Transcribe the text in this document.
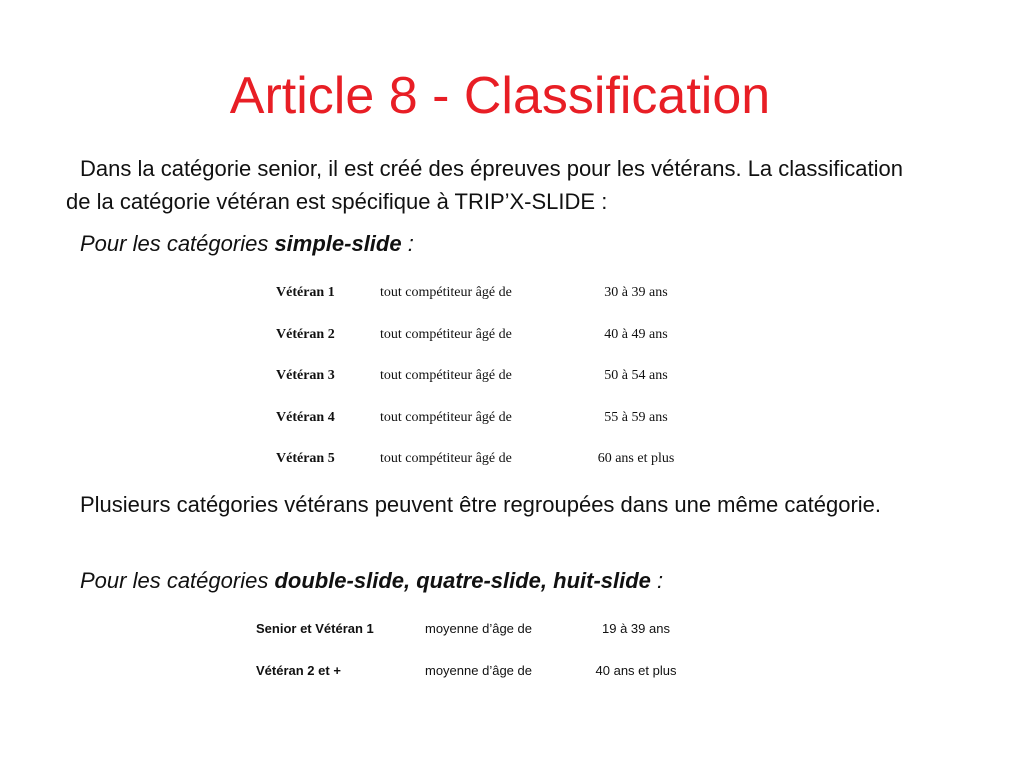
Article 8 - Classification

Dans la catégorie senior, il est créé des épreuves pour les vétérans. La classification de la catégorie vétéran est spécifique à TRIP’X-SLIDE :

Pour les catégories simple-slide :

Vétéran 1	tout compétiteur âgé de	30 à 39 ans
Vétéran 2	tout compétiteur âgé de	40 à 49 ans
Vétéran 3	tout compétiteur âgé de	50 à 54 ans
Vétéran 4	tout compétiteur âgé de	55 à 59 ans
Vétéran 5	tout compétiteur âgé de	60 ans et plus

Plusieurs catégories vétérans peuvent être regroupées dans une même catégorie.

Pour les catégories double-slide, quatre-slide, huit-slide :

Senior et Vétéran 1	moyenne d’âge de	19 à 39 ans
Vétéran 2 et +	moyenne d’âge de	40 ans et plus
